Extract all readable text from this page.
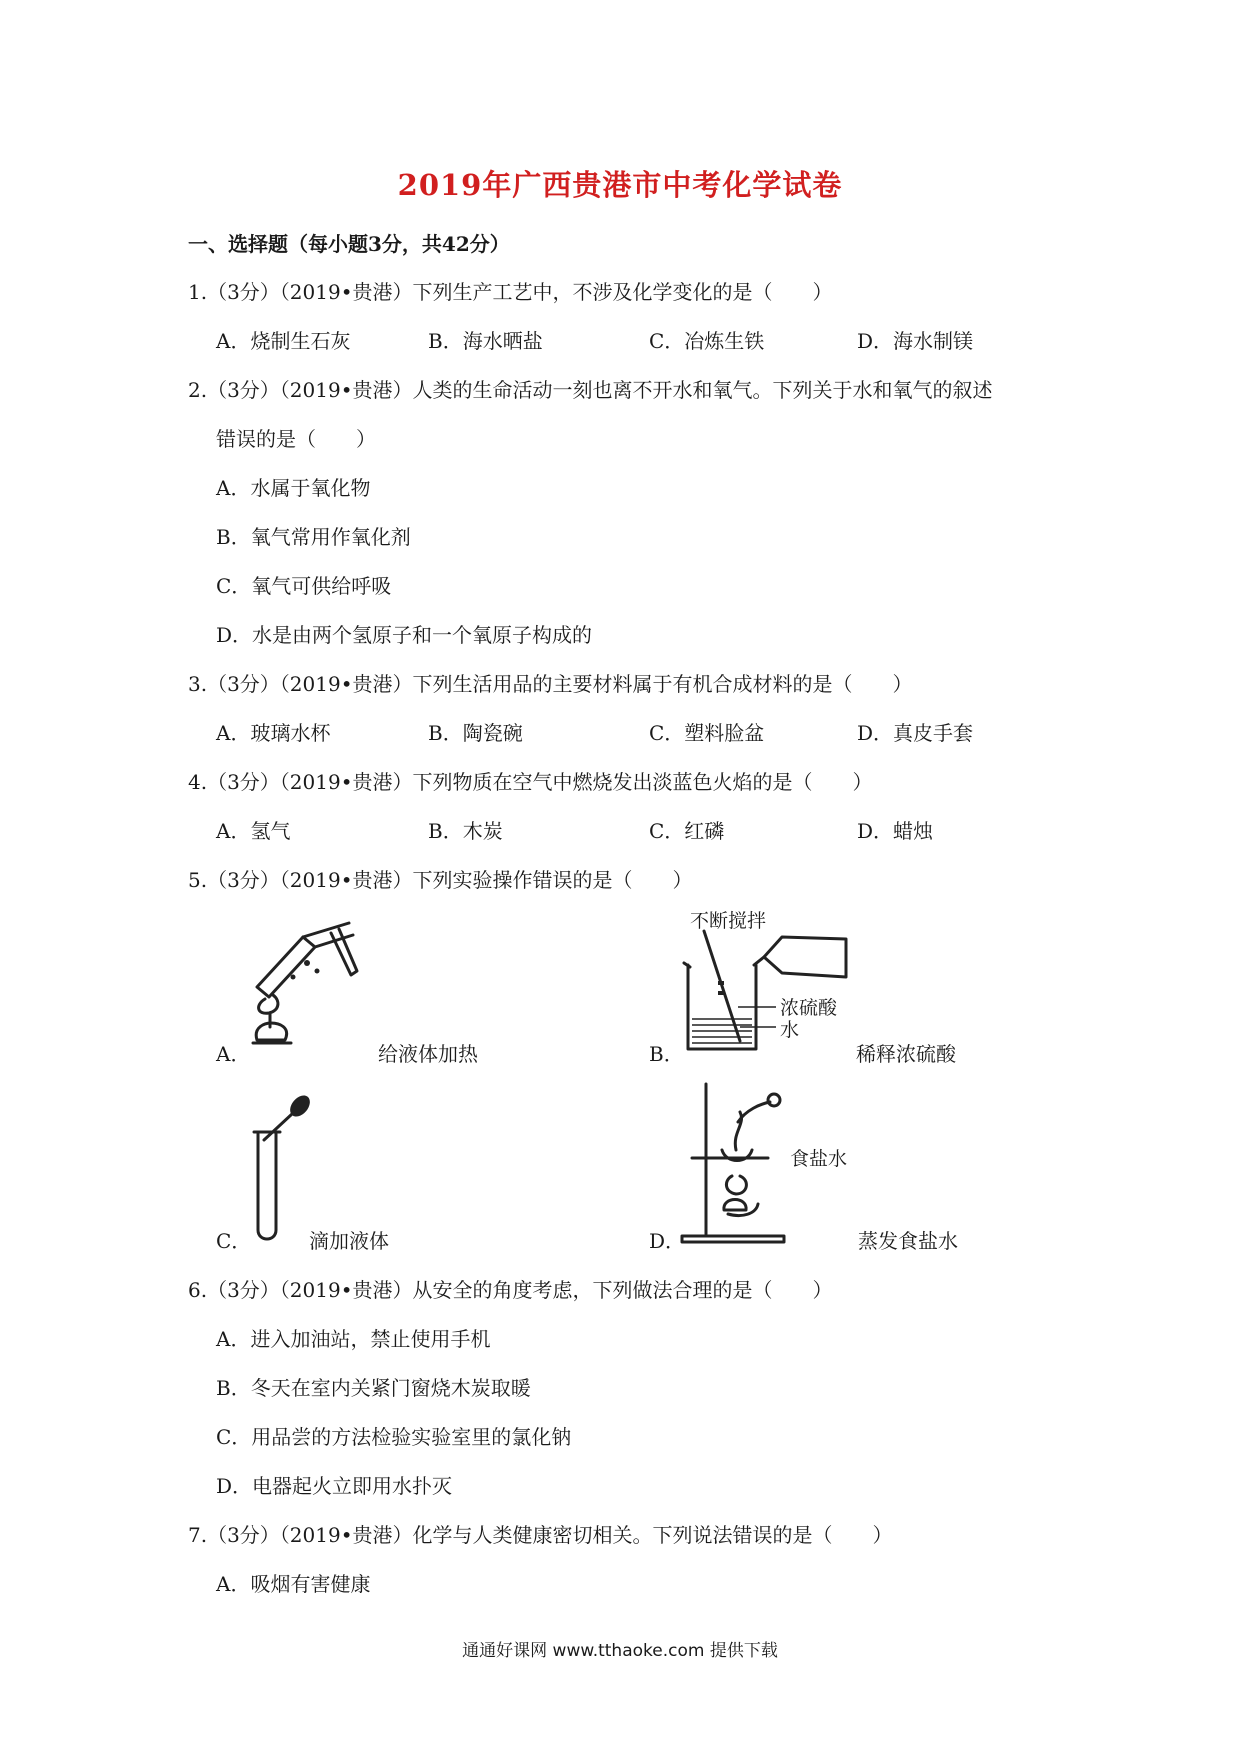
2019年广西贵港市中考化学试卷
一、选择题（每小题3分，共42分）
1.（3分）（2019•贵港）下列生产工艺中，不涉及化学变化的是（　　）
A．烧制生石灰	B．海水晒盐	C．冶炼生铁	D．海水制镁
2.（3分）（2019•贵港）人类的生命活动一刻也离不开水和氧气。下列关于水和氧气的叙述
错误的是（　　）
A．水属于氧化物
B．氧气常用作氧化剂
C．氧气可供给呼吸
D．水是由两个氢原子和一个氧原子构成的
3.（3分）（2019•贵港）下列生活用品的主要材料属于有机合成材料的是（　　）
A．玻璃水杯	B．陶瓷碗	C．塑料脸盆	D．真皮手套
4.（3分）（2019•贵港）下列物质在空气中燃烧发出淡蓝色火焰的是（　　）
A．氢气	B．木炭	C．红磷	D．蜡烛
5.（3分）（2019•贵港）下列实验操作错误的是（　　）
A．	给液体加热
不断搅拌
浓硫酸
水
B．	稀释浓硫酸
C．	滴加液体
食盐水
D．	蒸发食盐水
6.（3分）（2019•贵港）从安全的角度考虑，下列做法合理的是（　　）
A．进入加油站，禁止使用手机
B．冬天在室内关紧门窗烧木炭取暖
C．用品尝的方法检验实验室里的氯化钠
D．电器起火立即用水扑灭
7.（3分）（2019•贵港）化学与人类健康密切相关。下列说法错误的是（　　）
A．吸烟有害健康
通通好课网 www.tthaoke.com 提供下载
